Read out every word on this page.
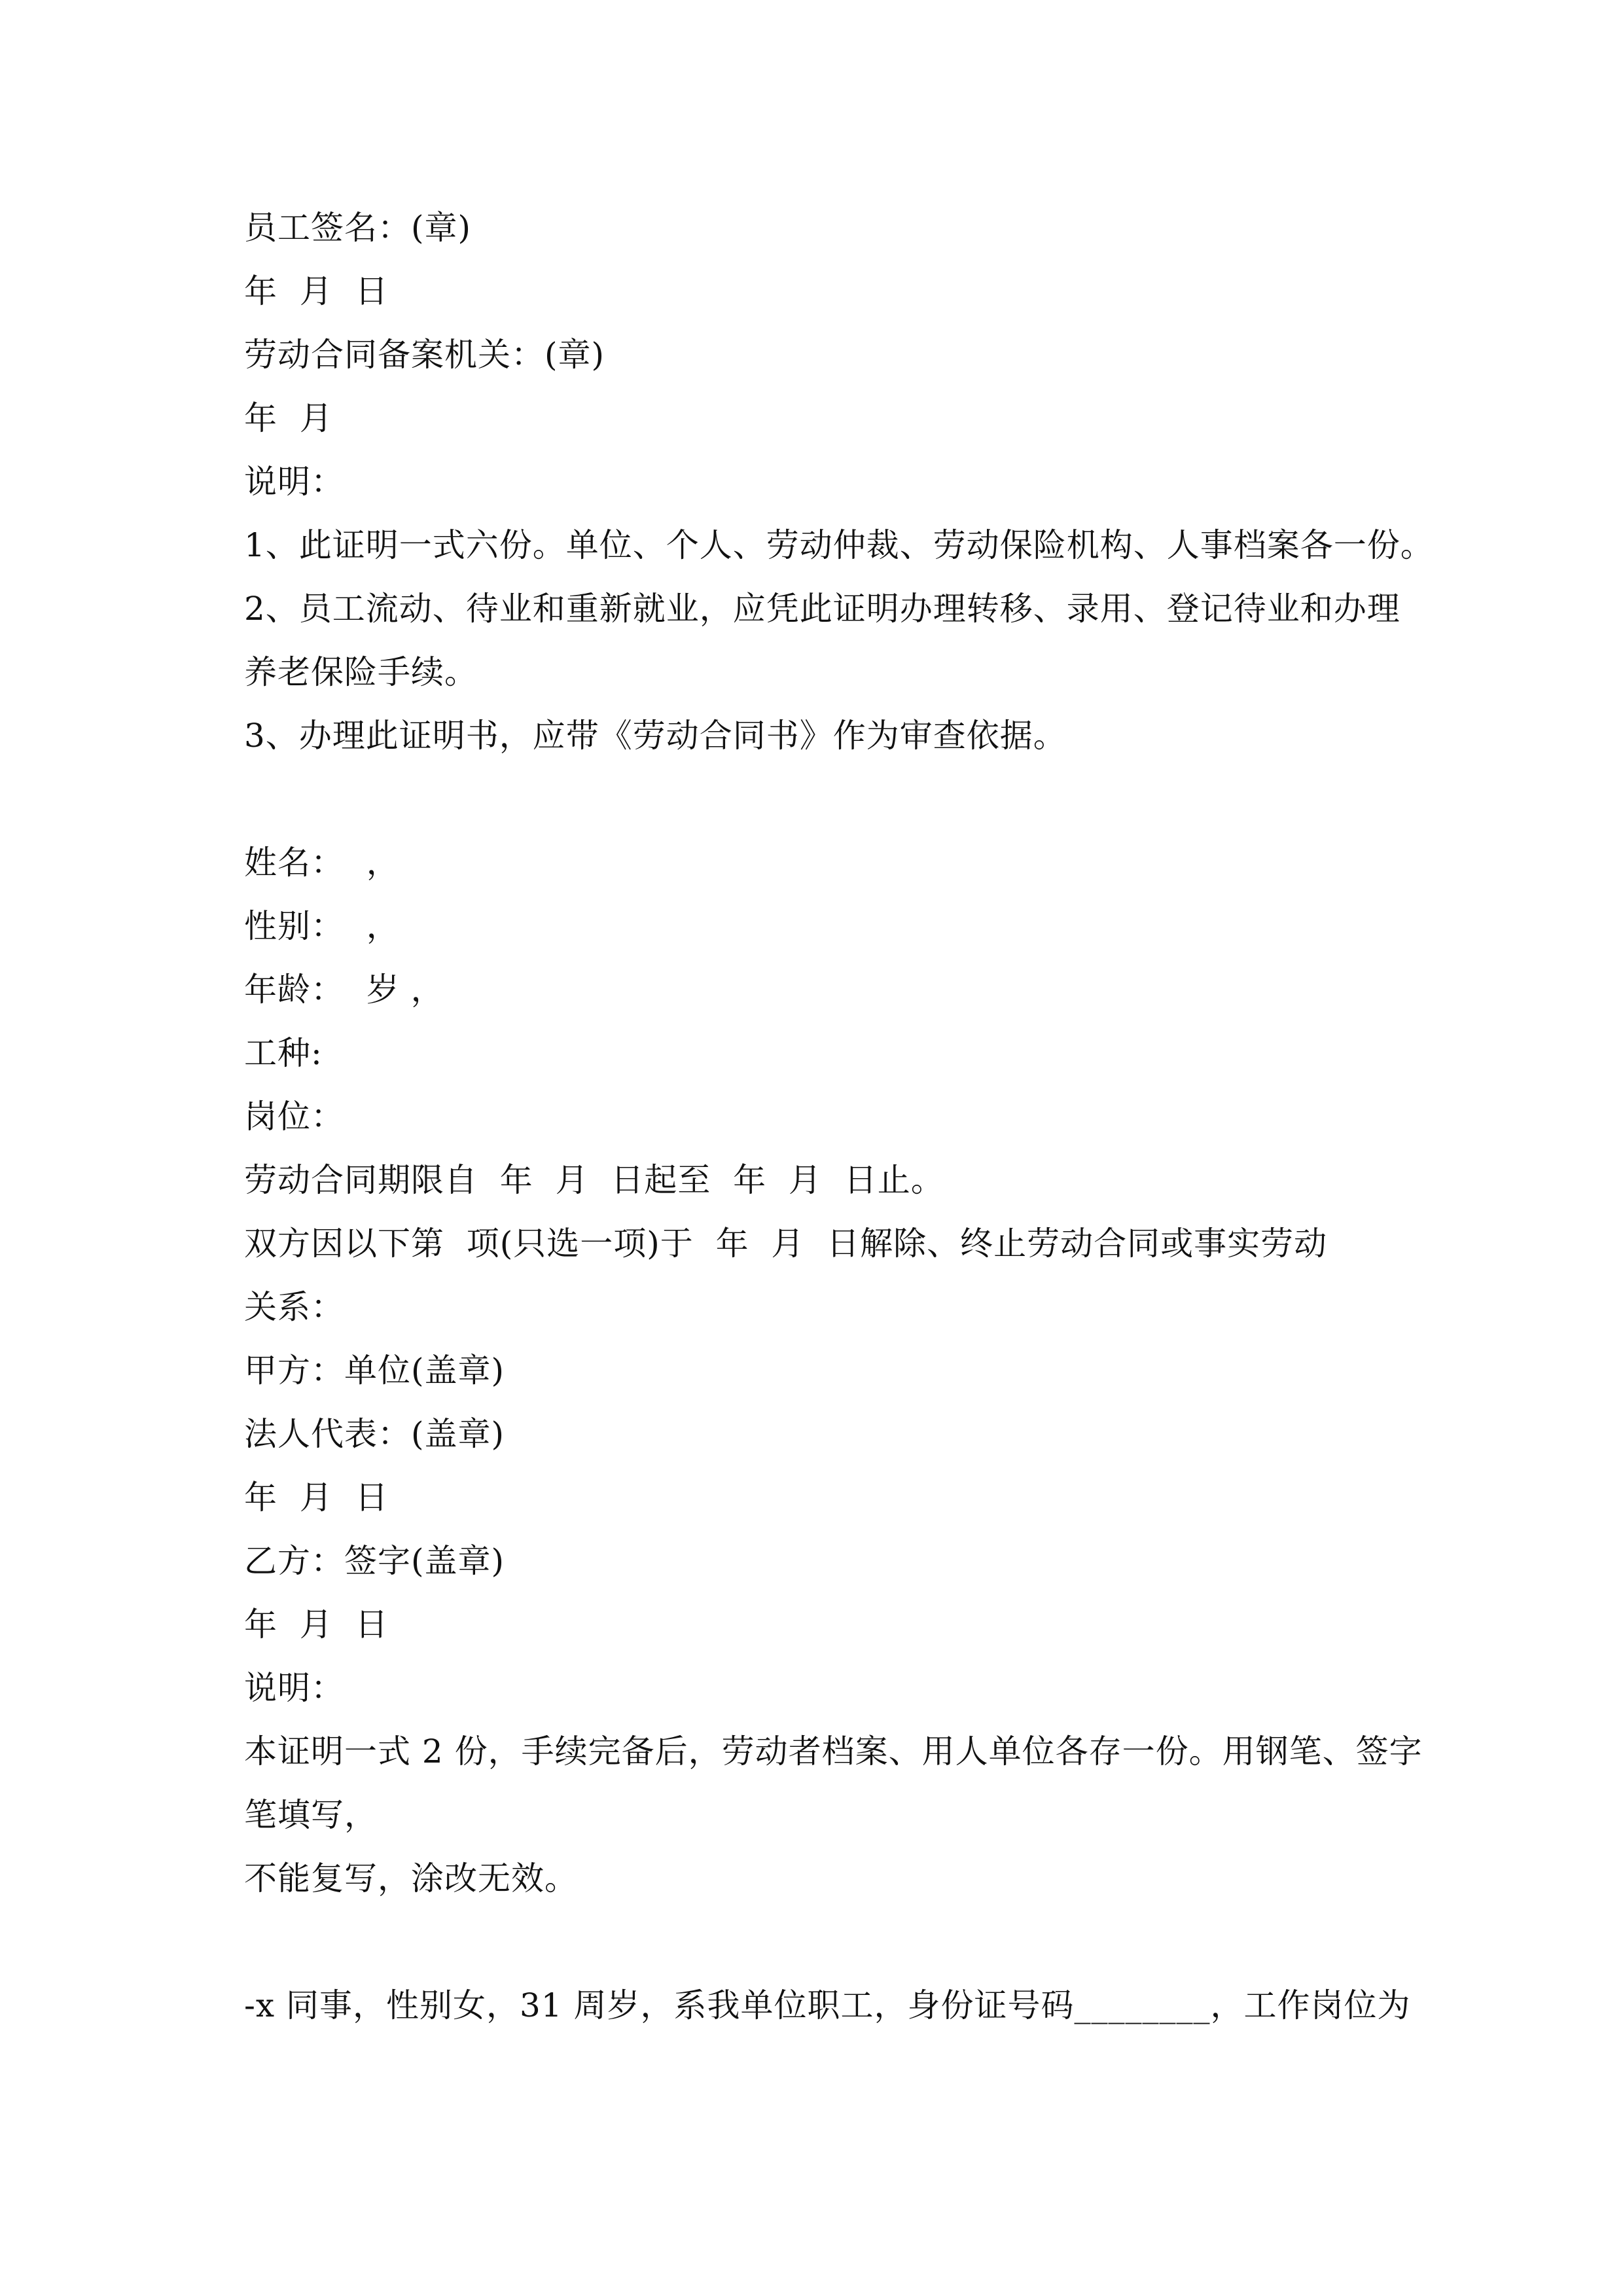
员工签名：(章)
年  月  日
劳动合同备案机关：(章)
年  月
说明：
1、此证明一式六份。单位、个人、劳动仲裁、劳动保险机构、人事档案各一份。
2、员工流动、待业和重新就业，应凭此证明办理转移、录用、登记待业和办理
养老保险手续。
3、办理此证明书，应带《劳动合同书》作为审查依据。
姓名：  ，
性别：  ，
年龄：  岁 ，
工种:
岗位：
劳动合同期限自  年  月  日起至  年  月  日止。
双方因以下第  项(只选一项)于  年  月  日解除、终止劳动合同或事实劳动
关系：
甲方：单位(盖章)
法人代表：(盖章)
年  月  日
乙方：签字(盖章)
年  月  日
说明：
本证明一式 2 份，手续完备后，劳动者档案、用人单位各存一份。用钢笔、签字
笔填写，
不能复写，涂改无效。
-x 同事，性别女，31 周岁，系我单位职工，身份证号码________，工作岗位为
